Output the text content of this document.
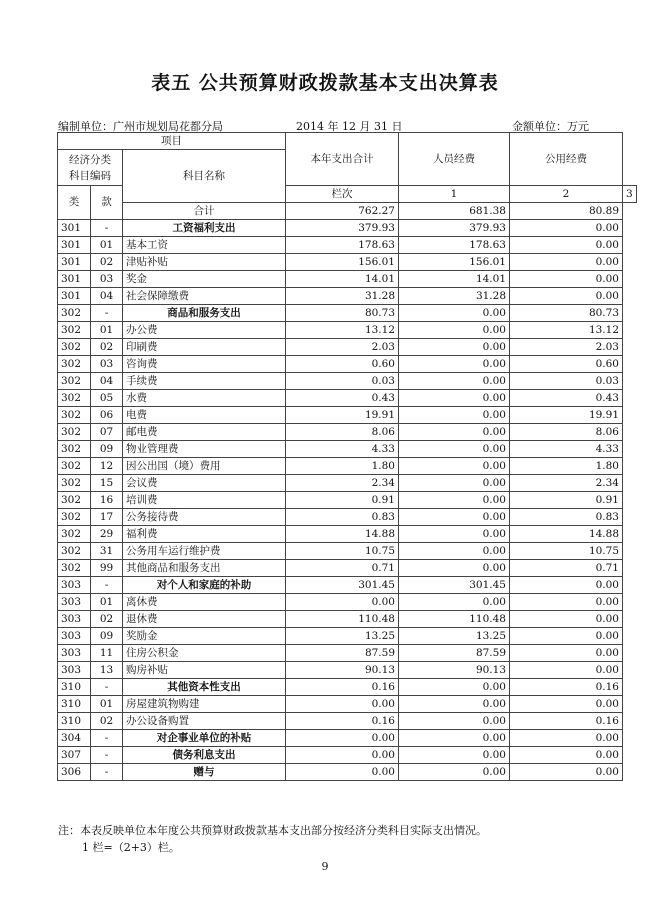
表五 公共预算财政拨款基本支出决算表
编制单位：广州市规划局花都分局	2014 年 12 月 31 日	金额单位：万元
项目			本年支出合计	人员经费	公用经费	
经济分类
科目编码		科目名称				

类	款		栏次	1	2	3
		合计	762.27	681.38	80.89	
301	-	工资福利支出	379.93	379.93	0.00	
301	01	基本工资	178.63	178.63	0.00	
301	02	津贴补贴	156.01	156.01	0.00	
301	03	奖金	14.01	14.01	0.00	
301	04	社会保障缴费	31.28	31.28	0.00	
302	-	商品和服务支出	80.73	0.00	80.73	
302	01	办公费	13.12	0.00	13.12	
302	02	印刷费	2.03	0.00	2.03	
302	03	咨询费	0.60	0.00	0.60	
302	04	手续费	0.03	0.00	0.03	
302	05	水费	0.43	0.00	0.43	
302	06	电费	19.91	0.00	19.91	
302	07	邮电费	8.06	0.00	8.06	
302	09	物业管理费	4.33	0.00	4.33	
302	12	因公出国（境）费用	1.80	0.00	1.80	
302	15	会议费	2.34	0.00	2.34	
302	16	培训费	0.91	0.00	0.91	
302	17	公务接待费	0.83	0.00	0.83	
302	29	福利费	14.88	0.00	14.88	
302	31	公务用车运行维护费	10.75	0.00	10.75	
302	99	其他商品和服务支出	0.71	0.00	0.71	
303	-	对个人和家庭的补助	301.45	301.45	0.00	
303	01	离休费	0.00	0.00	0.00	
303	02	退休费	110.48	110.48	0.00	
303	09	奖励金	13.25	13.25	0.00	
303	11	住房公积金	87.59	87.59	0.00	
303	13	购房补贴	90.13	90.13	0.00	
310	-	其他资本性支出	0.16	0.00	0.16	
310	01	房屋建筑物购建	0.00	0.00	0.00	
310	02	办公设备购置	0.16	0.00	0.16	
304	-	对企事业单位的补贴	0.00	0.00	0.00	
307	-	债务利息支出	0.00	0.00	0.00	
306	-	赠与	0.00	0.00	0.00	
注：本表反映单位本年度公共预算财政拨款基本支出部分按经济分类科目实际支出情况。
1 栏=（2+3）栏。
9
